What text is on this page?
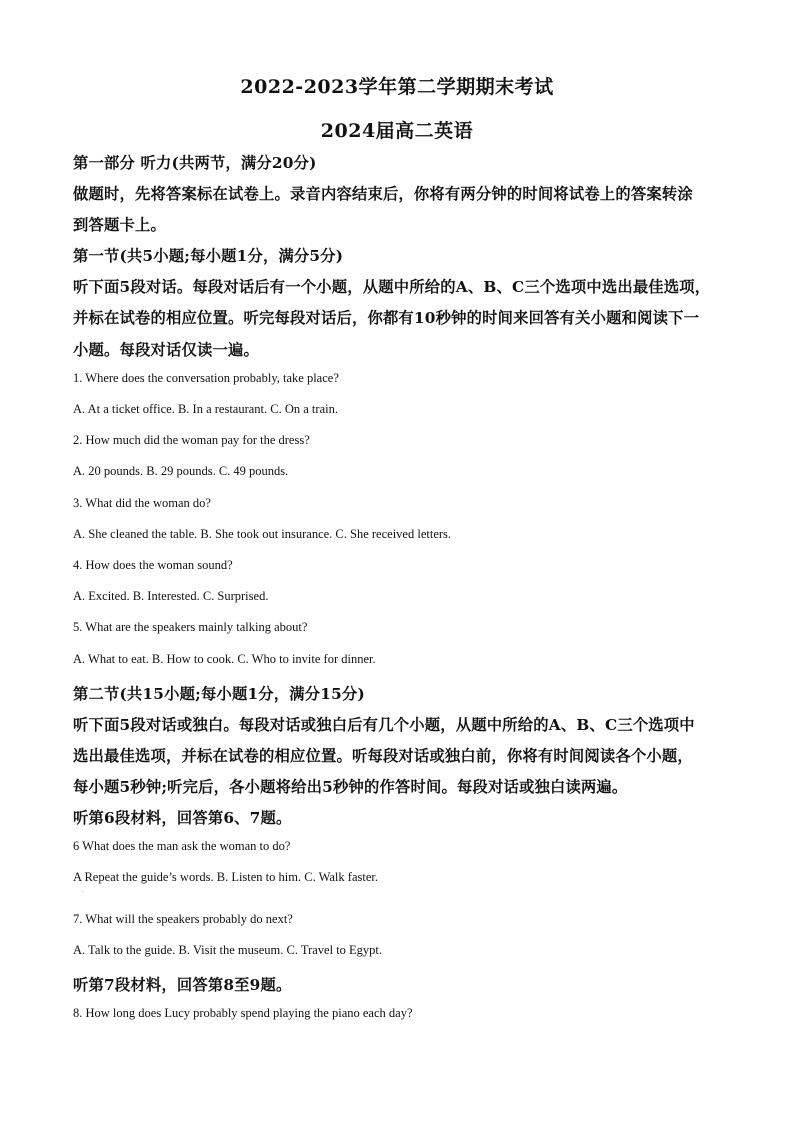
2022-2023学年第二学期期末考试
2024届高二英语
第一部分 听力(共两节，满分20分)
做题时，先将答案标在试卷上。录音内容结束后，你将有两分钟的时间将试卷上的答案转涂
到答题卡上。
第一节(共5小题;每小题1分，满分5分)
听下面5段对话。每段对话后有一个小题，从题中所给的A、B、C三个选项中选出最佳选项，
并标在试卷的相应位置。听完每段对话后，你都有10秒钟的时间来回答有关小题和阅读下一
小题。每段对话仅读一遍。
1. Where does the conversation probably, take place?
A. At a ticket office. B. In a restaurant. C. On a train.
2. How much did the woman pay for the dress?
A. 20 pounds. B. 29 pounds. C. 49 pounds.
3. What did the woman do?
A. She cleaned the table. B. She took out insurance. C. She received letters.
4. How does the woman sound?
A. Excited. B. Interested. C. Surprised.
5. What are the speakers mainly talking about?
A. What to eat. B. How to cook. C. Who to invite for dinner.
第二节(共15小题;每小题1分，满分15分)
听下面5段对话或独白。每段对话或独白后有几个小题，从题中所给的A、B、C三个选项中
选出最佳选项，并标在试卷的相应位置。听每段对话或独白前，你将有时间阅读各个小题，
每小题5秒钟;听完后，各小题将给出5秒钟的作答时间。每段对话或独白读两遍。
听第6段材料，回答第6、7题。
6 What does the man ask the woman to do?
A Repeat the guide’s words. B. Listen to him. C. Walk faster.
·
7. What will the speakers probably do next?
A. Talk to the guide. B. Visit the museum. C. Travel to Egypt.
听第7段材料，回答第8至9题。
8. How long does Lucy probably spend playing the piano each day?
